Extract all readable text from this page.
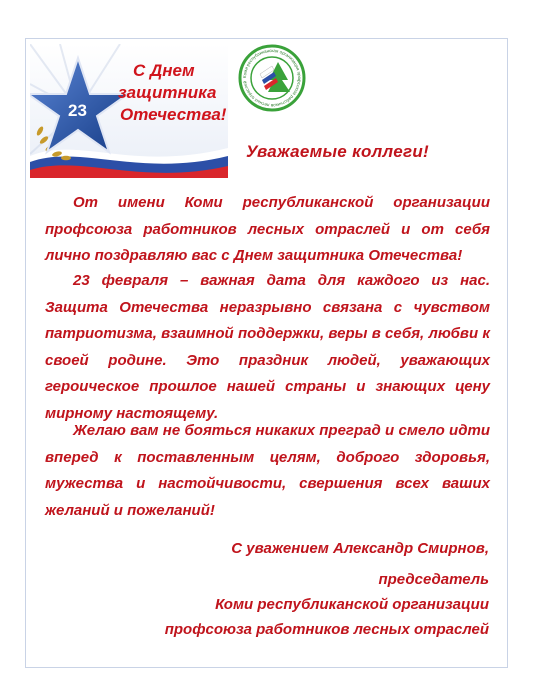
23
С Днем
защитника
Отечества!
Коми республиканская организация профсоюза работников лесных отраслей
Уважаемые коллеги!
От имени Коми республиканской организации профсоюза работников лесных отраслей и от себя лично поздравляю вас с Днем защитника Отечества!
23 февраля – важная дата для каждого из нас. Защита Отечества неразрывно связана с чувством патриотизма, взаимной поддержки, веры в себя, любви к своей родине. Это праздник людей, уважающих героическое прошлое нашей страны и знающих цену мирному настоящему.
Желаю вам не бояться никаких преград и смело идти вперед к поставленным целям, доброго здоровья, мужества и настойчивости, свершения всех ваших желаний и пожеланий!
С уважением Александр Смирнов,
председатель
Коми республиканской организации
профсоюза работников лесных отраслей
